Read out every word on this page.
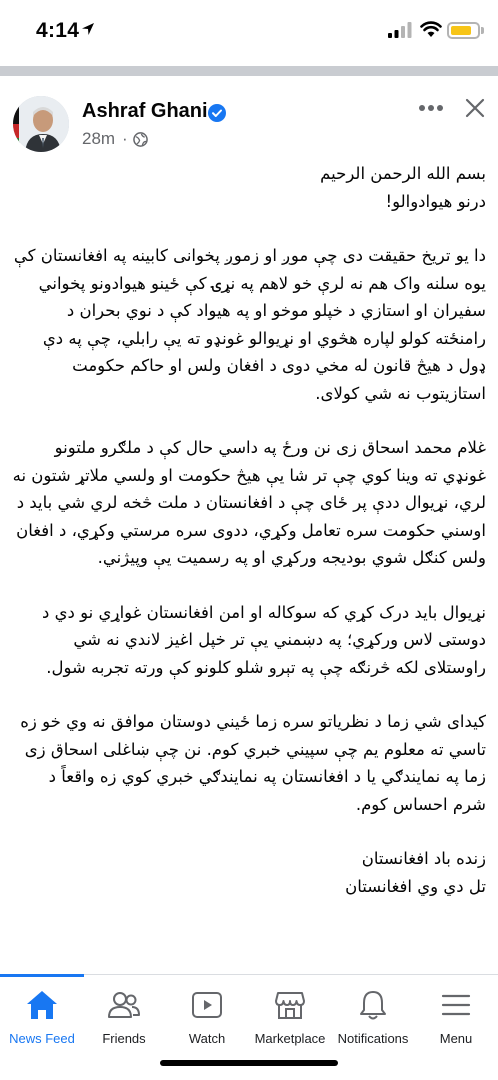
4:14
Ashraf Ghani
28m ·

بسم الله الرحمن الرحيم
درنو هيوادوالو!

دا يو تريخ حقيقت دی چې موږ او زموږ پخوانی کابينه په افغانستان کې يوه سلنه واک هم نه لرې خو لاهم په نړۍ کې ځينو هيوادونو پخواني سفيران او استازي د خپلو موخو او په هيواد کې د نوي بحران د رامنځته کولو لپاره هڅوي او نړيوالو غونډو ته يې رابلي، چې په دې ډول د هيڅ قانون له مخي دوی د افغان ولس او حاکم حکومت استازيتوب نه شي کولای.

غلام محمد اسحاق زی نن ورځ په داسي حال کې د ملګرو ملتونو غونډي ته وينا کوي چې تر شا يې هيڅ حکومت او ولسي ملاتړ شتون نه لري، نړيوال ددې پر ځای چې د افغانستان د ملت څخه لري شي بايد د اوسني حکومت سره تعامل وکړي، ددوی سره مرستي وکړي، د افغان ولس کنګل شوي بوديجه ورکړي او په رسميت يې وپيژني.

نړيوال بايد درک کړي که سوکاله او امن افغانستان غواړي نو دي د دوستی لاس ورکړي؛ په دښمني يې تر خپل اغيز لاندي نه شي راوستلای لکه څرنګه چې په تېرو شلو کلونو کې ورته تجربه شول.

کيدای شي زما د نظرياتو سره زما ځيني دوستان موافق نه وي خو زه تاسي ته معلوم يم چې سپيني خبري کوم. نن چې ښاغلی اسحاق زی زما په نمايندګي يا د افغانستان په نمايندګي خبري کوي زه واقعاً د شرم احساس کوم.

زنده باد افغانستان
تل دي وي افغانستان

News Feed	Friends	Watch	Marketplace Notifications	Menu
